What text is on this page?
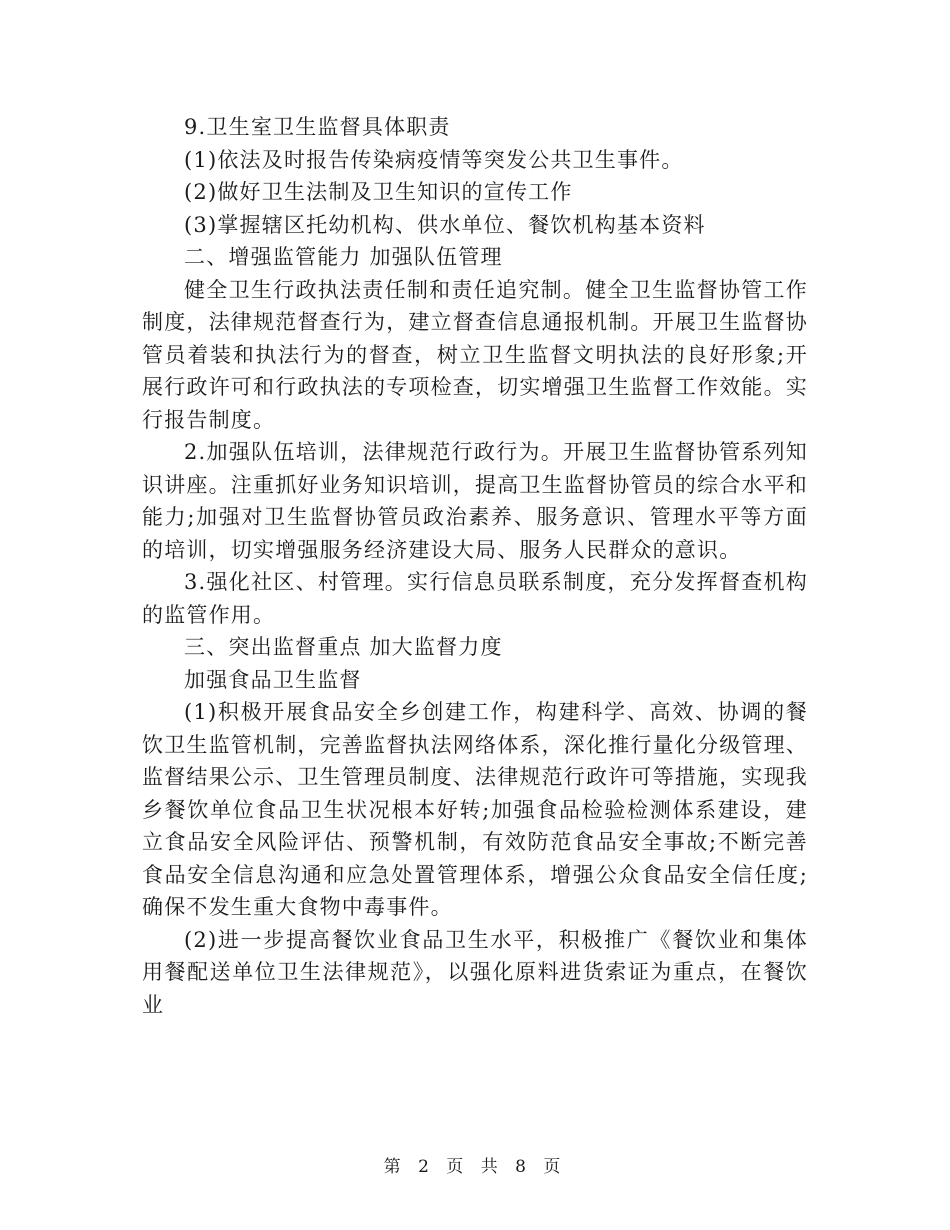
9.卫生室卫生监督具体职责

(1)依法及时报告传染病疫情等突发公共卫生事件。

(2)做好卫生法制及卫生知识的宣传工作

(3)掌握辖区托幼机构、供水单位、餐饮机构基本资料

二、增强监管能力 加强队伍管理

健全卫生行政执法责任制和责任追究制。健全卫生监督协管工作制度，法律规范督查行为，建立督查信息通报机制。开展卫生监督协管员着装和执法行为的督查，树立卫生监督文明执法的良好形象;开展行政许可和行政执法的专项检查，切实增强卫生监督工作效能。实行报告制度。

2.加强队伍培训，法律规范行政行为。开展卫生监督协管系列知识讲座。注重抓好业务知识培训，提高卫生监督协管员的综合水平和能力;加强对卫生监督协管员政治素养、服务意识、管理水平等方面的培训，切实增强服务经济建设大局、服务人民群众的意识。

3.强化社区、村管理。实行信息员联系制度，充分发挥督查机构的监管作用。

三、突出监督重点 加大监督力度

加强食品卫生监督

(1)积极开展食品安全乡创建工作，构建科学、高效、协调的餐饮卫生监管机制，完善监督执法网络体系，深化推行量化分级管理、监督结果公示、卫生管理员制度、法律规范行政许可等措施，实现我乡餐饮单位食品卫生状况根本好转;加强食品检验检测体系建设，建立食品安全风险评估、预警机制，有效防范食品安全事故;不断完善食品安全信息沟通和应急处置管理体系，增强公众食品安全信任度;确保不发生重大食物中毒事件。

(2)进一步提高餐饮业食品卫生水平，积极推广《餐饮业和集体用餐配送单位卫生法律规范》，以强化原料进货索证为重点，在餐饮业

第 2 页 共 8 页
